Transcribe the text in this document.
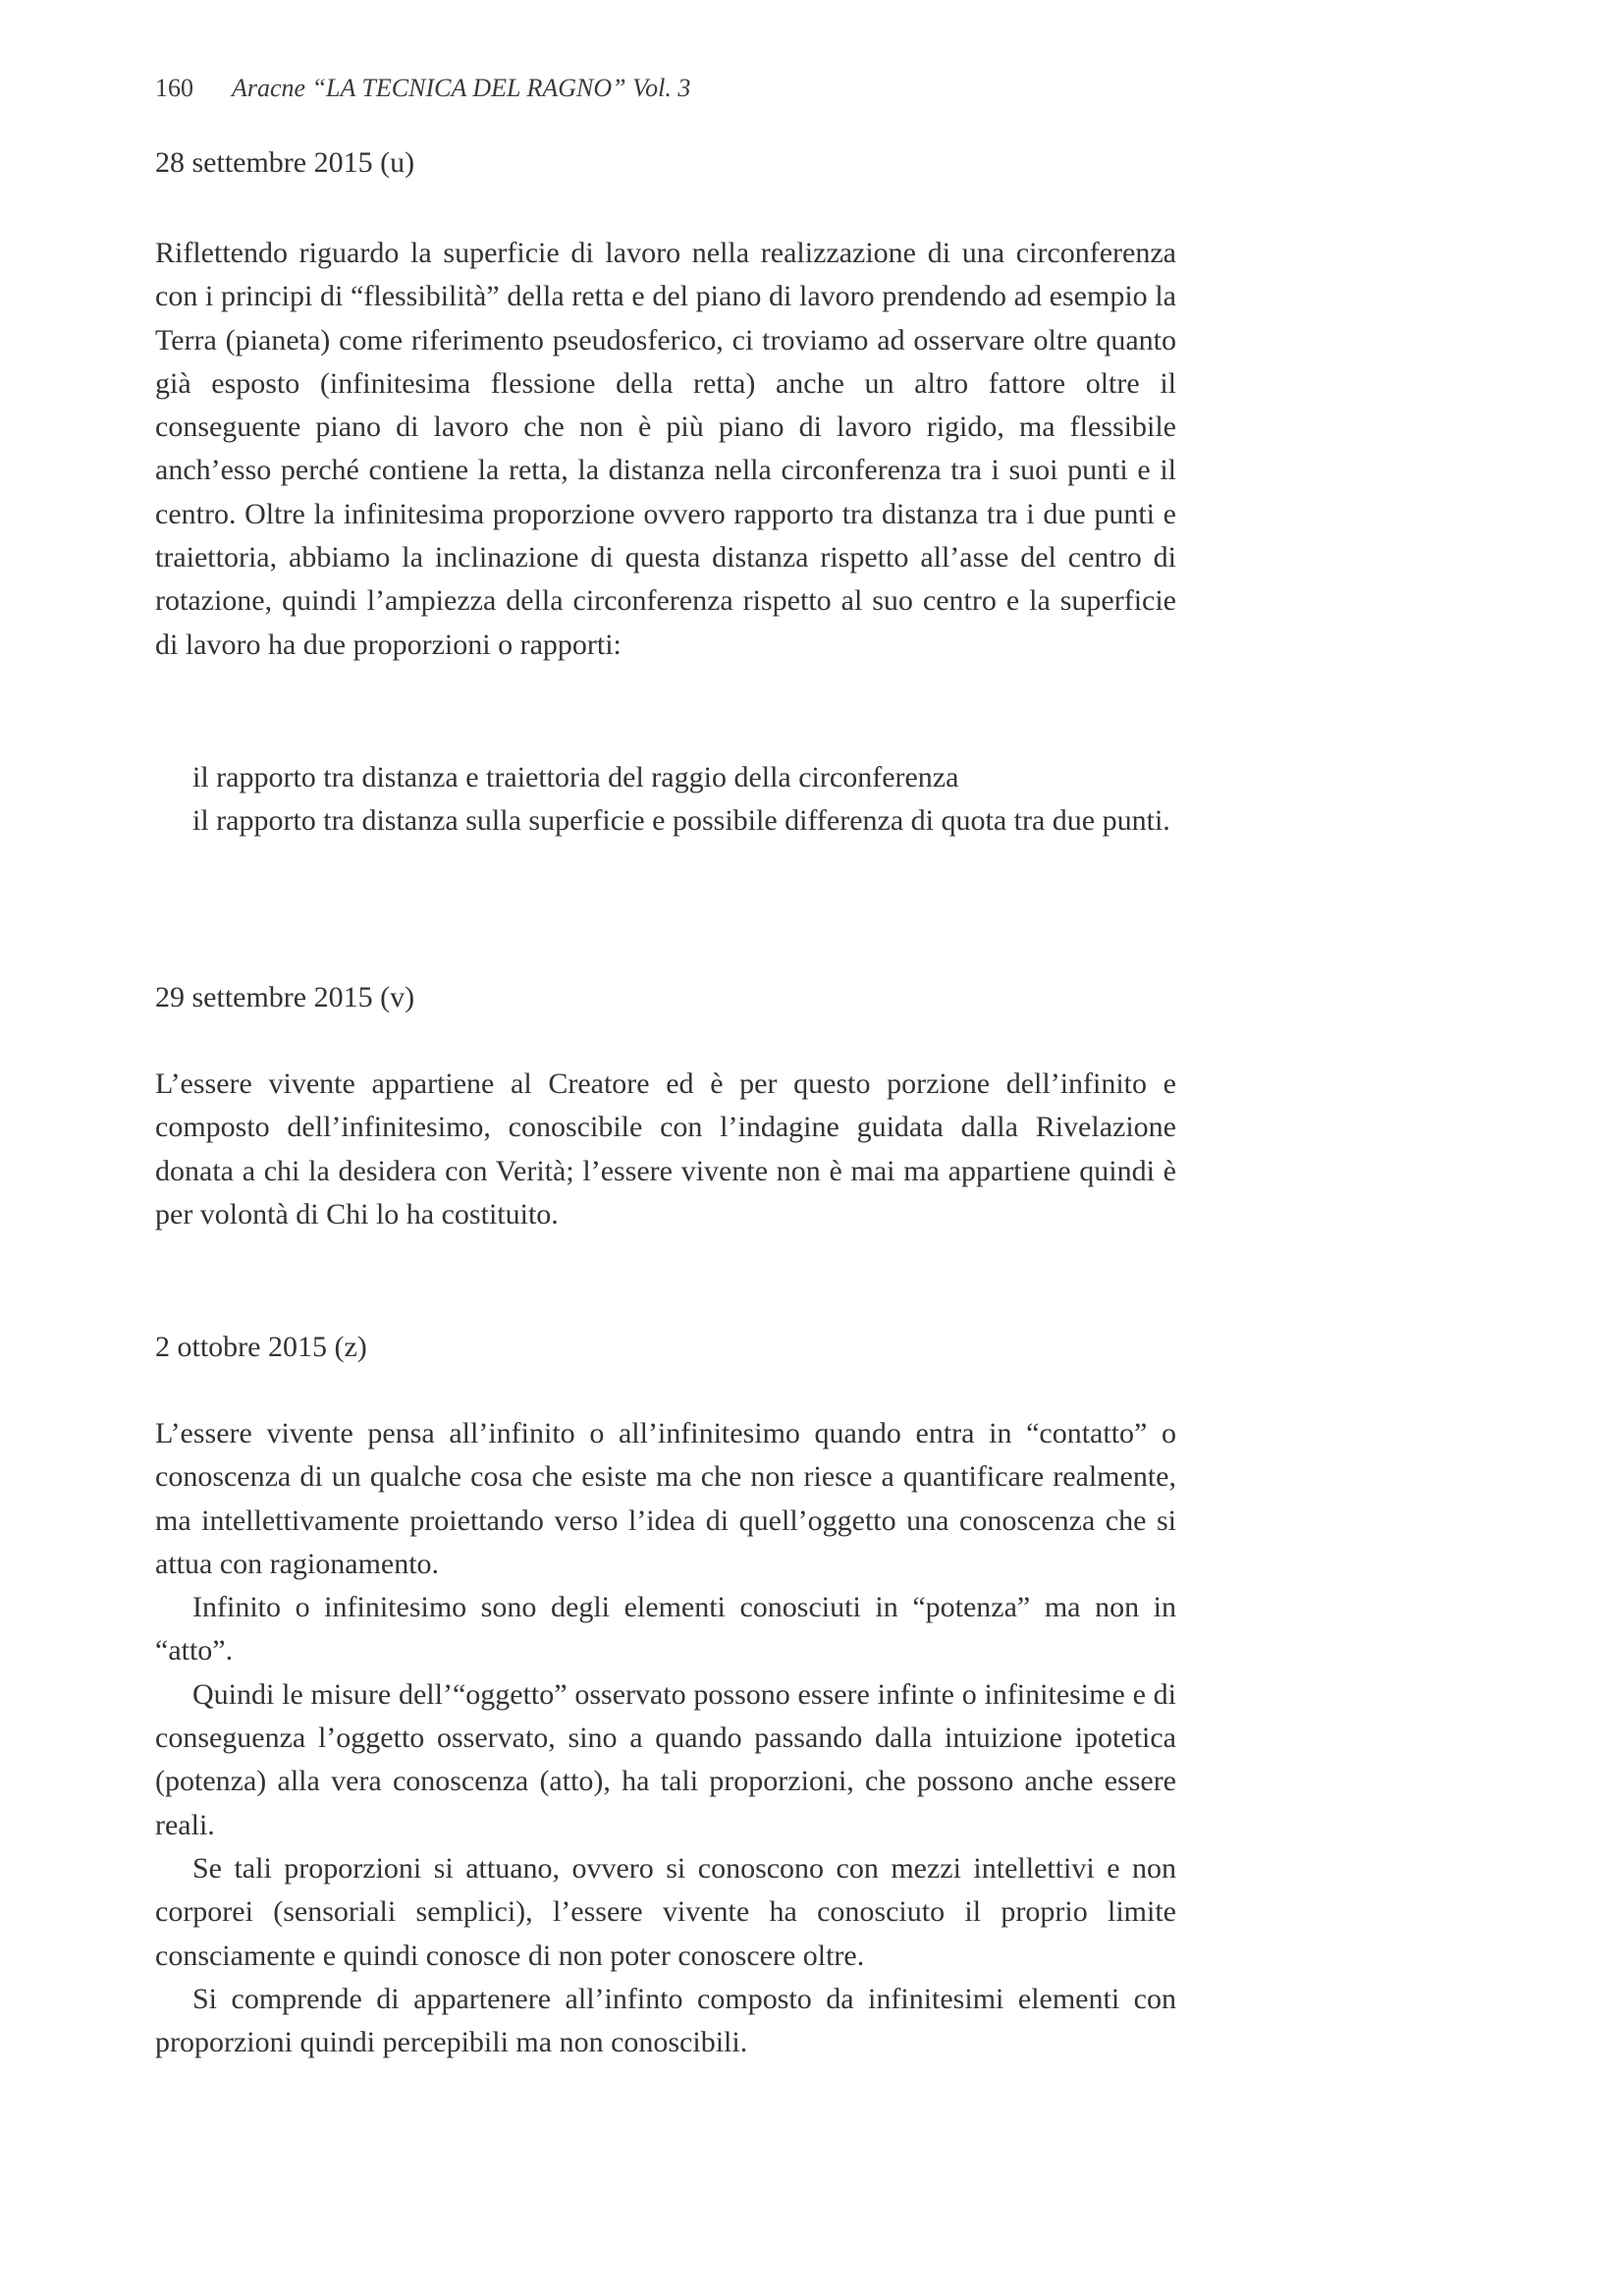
160 Aracne “LA TECNICA DEL RAGNO” Vol. 3
28 settembre 2015 (u)

Riflettendo riguardo la superficie di lavoro nella realizzazione di una circonferenza con i principi di “flessibilità” della retta e del piano di lavoro prendendo ad esempio la Terra (pianeta) come riferimento pseudosferico, ci troviamo ad osservare oltre quanto già esposto (infinitesima flessione della retta) anche un altro fattore oltre il conseguente piano di lavoro che non è più piano di lavoro rigido, ma flessibile anch’esso perché contiene la retta, la distanza nella circonferenza tra i suoi punti e il centro. Oltre la infinitesima proporzione ovvero rapporto tra distanza tra i due punti e traiettoria, abbiamo la inclinazione di questa distanza rispetto all’asse del centro di rotazione, quindi l’ampiezza della circonferenza rispetto al suo centro e la superficie di lavoro ha due proporzioni o rapporti:

il rapporto tra distanza e traiettoria del raggio della circonferenza
il rapporto tra distanza sulla superficie e possibile differenza di quota tra due punti.
29 settembre 2015 (v)

L’essere vivente appartiene al Creatore ed è per questo porzione dell’infinito e composto dell’infinitesimo, conoscibile con l’indagine guidata dalla Rivelazione donata a chi la desidera con Verità; l’essere vivente non è mai ma appartiene quindi è per volontà di Chi lo ha costituito.

2 ottobre 2015 (z)

L’essere vivente pensa all’infinito o all’infinitesimo quando entra in “contatto” o conoscenza di un qualche cosa che esiste ma che non riesce a quantificare realmente, ma intellettivamente proiettando verso l’idea di quell’oggetto una conoscenza che si attua con ragionamento.

Infinito o infinitesimo sono degli elementi conosciuti in “potenza” ma non in “atto”.

Quindi le misure dell’“oggetto” osservato possono essere infinte o infinitesime e di conseguenza l’oggetto osservato, sino a quando passando dalla intuizione ipotetica (potenza) alla vera conoscenza (atto), ha tali proporzioni, che possono anche essere reali.

Se tali proporzioni si attuano, ovvero si conoscono con mezzi intellettivi e non corporei (sensoriali semplici), l’essere vivente ha conosciuto il proprio limite consciamente e quindi conosce di non poter conoscere oltre.

Si comprende di appartenere all’infinto composto da infinitesimi elementi con proporzioni quindi percepibili ma non conoscibili.
